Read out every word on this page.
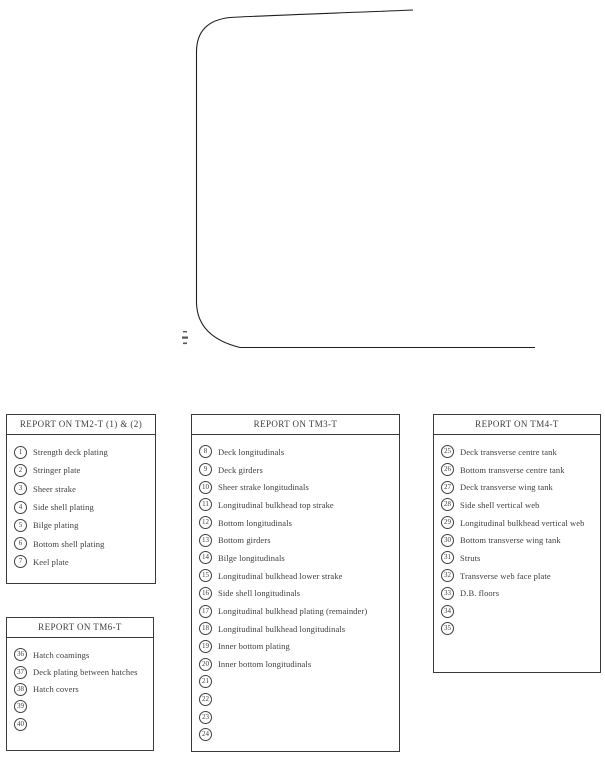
REPORT ON TM2-T (1) & (2)
1	Strength deck plating
2	Stringer plate
3	Sheer strake
4	Side shell plating
5	Bilge plating
6	Bottom shell plating
7	Keel plate
REPORT ON TM3-T
8	Deck longitudinals
9	Deck girders
10	Sheer strake longitudinals
11	Longitudinal bulkhead top strake
12	Bottom longitudinals
13	Bottom girders
14	Bilge longitudinals
15	Longitudinal bulkhead lower strake
16	Side shell longitudinals
17	Longitudinal bulkhead plating (remainder)
18	Longitudinal bulkhead longitudinals
19	Inner bottom plating
20	Inner bottom longitudinals
21
22
23
24
REPORT ON TM4-T
25	Deck transverse centre tank
26	Bottom transverse centre tank
27	Deck transverse wing tank
28	Side shell vertical web
29	Longitudinal bulkhead vertical web
30	Bottom transverse wing tank
31	Struts
32	Transverse web face plate
33	D.B. floors
34
35
REPORT ON TM6-T
36	Hatch coamings
37	Deck plating between hatches
38	Hatch covers
39
40
